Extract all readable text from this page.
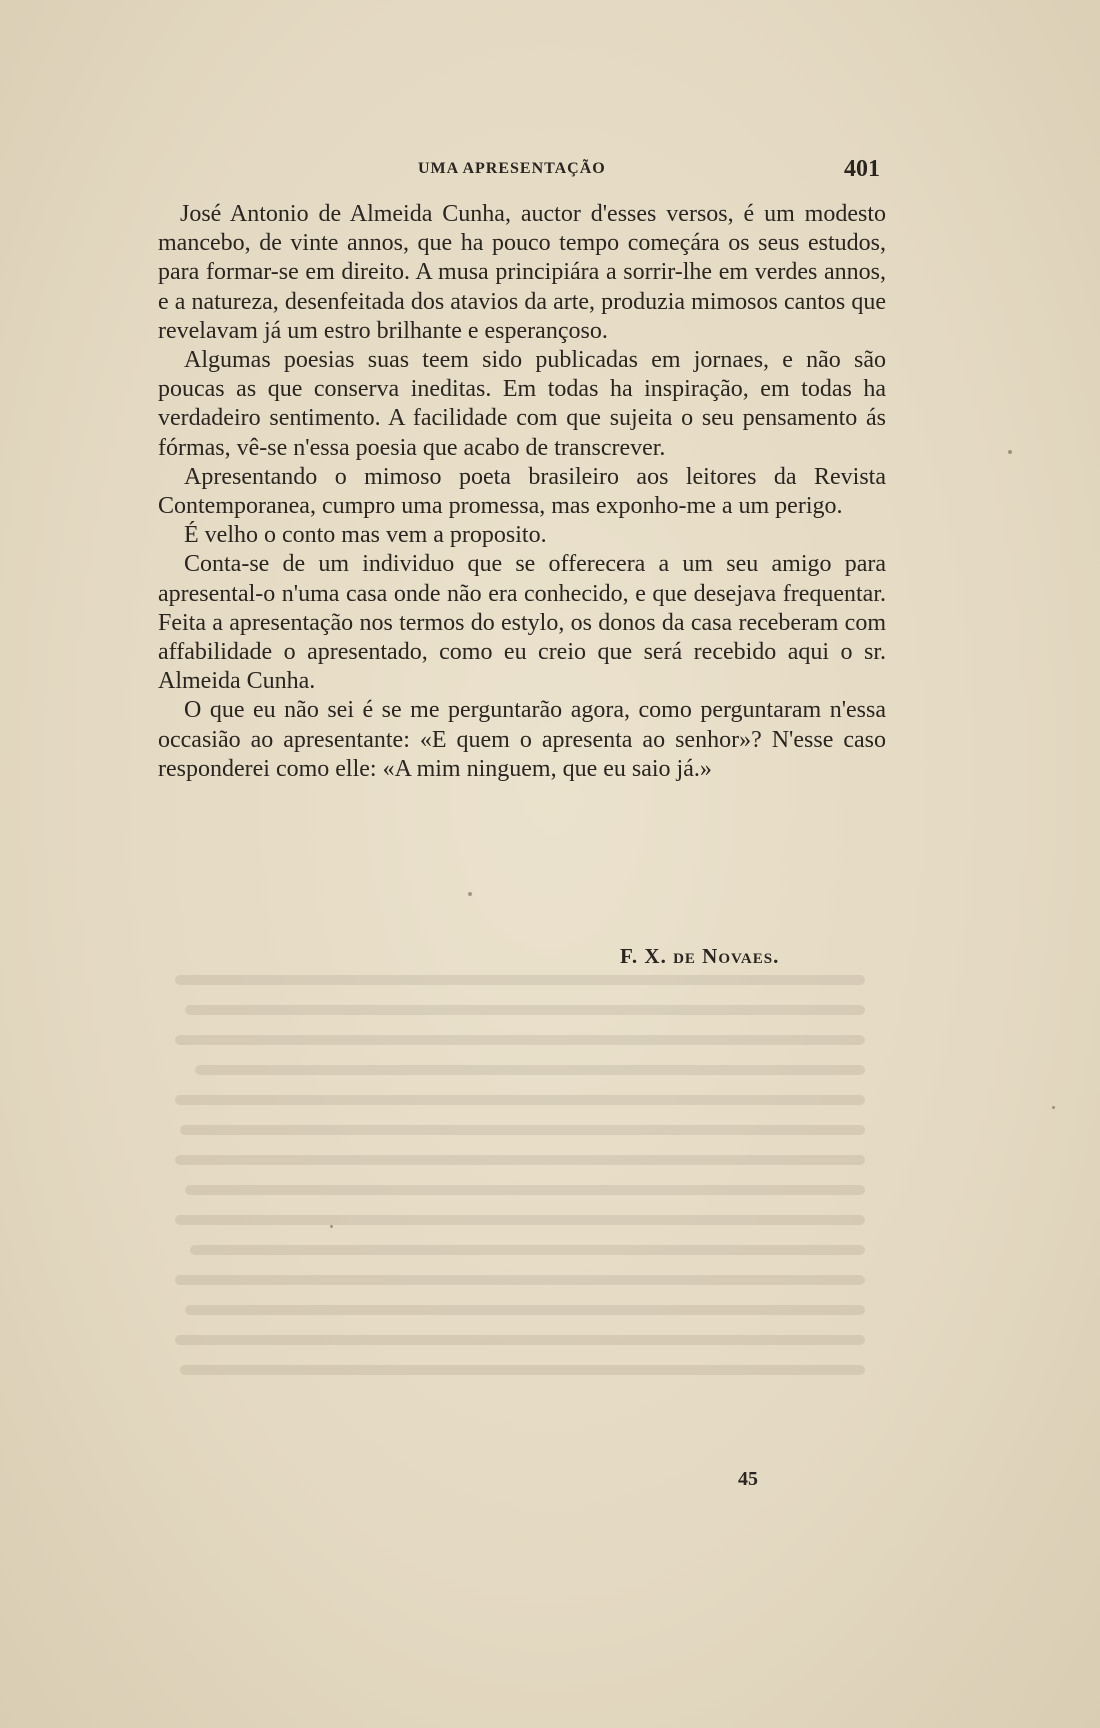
UMA APRESENTAÇÃO	401

José Antonio de Almeida Cunha, auctor d'esses versos, é um modesto mancebo, de vinte annos, que ha pouco tempo começára os seus estudos, para formar-se em direito. A musa principiára a sorrir-lhe em verdes annos, e a natureza, desenfeitada dos atavios da arte, produzia mimosos cantos que revelavam já um estro brilhante e esperançoso.

Algumas poesias suas teem sido publicadas em jornaes, e não são poucas as que conserva ineditas. Em todas ha inspiração, em todas ha verdadeiro sentimento. A facilidade com que sujeita o seu pensamento ás fórmas, vê-se n'essa poesia que acabo de transcrever.

Apresentando o mimoso poeta brasileiro aos leitores da Revista Contemporanea, cumpro uma promessa, mas exponho-me a um perigo.

É velho o conto mas vem a proposito.

Conta-se de um individuo que se offerecera a um seu amigo para apresental-o n'uma casa onde não era conhecido, e que desejava frequentar. Feita a apresentação nos termos do estylo, os donos da casa receberam com affabilidade o apresentado, como eu creio que será recebido aqui o sr. Almeida Cunha.

O que eu não sei é se me perguntarão agora, como perguntaram n'essa occasião ao apresentante: «E quem o apresenta ao senhor»? N'esse caso responderei como elle: «A mim ninguem, que eu saio já.»

F. X. de Novaes.
45
